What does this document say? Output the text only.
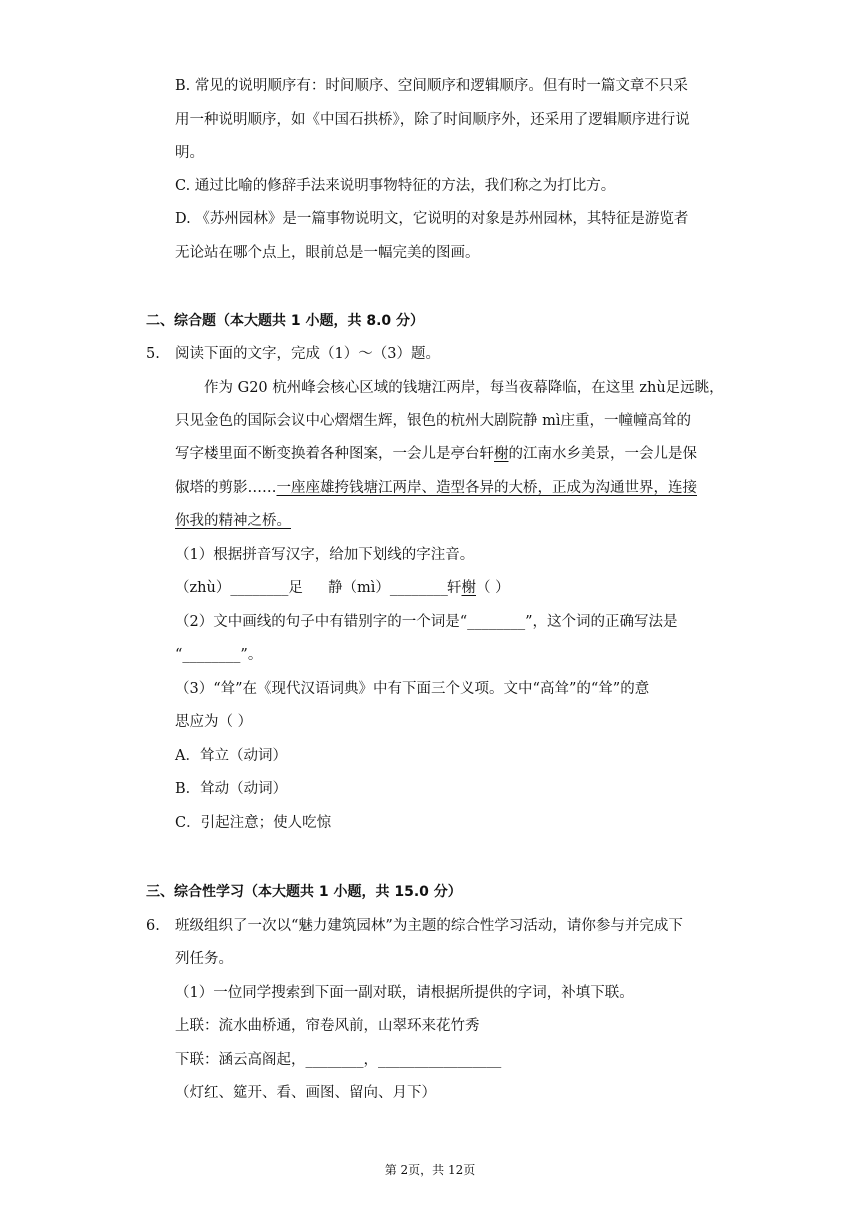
B. 常见的说明顺序有：时间顺序、空间顺序和逻辑顺序。但有时一篇文章不只采
用一种说明顺序，如《中国石拱桥》，除了时间顺序外，还采用了逻辑顺序进行说
明。
C. 通过比喻的修辞手法来说明事物特征的方法，我们称之为打比方。
D. 《苏州园林》是一篇事物说明文，它说明的对象是苏州园林，其特征是游览者
无论站在哪个点上，眼前总是一幅完美的图画。
二、综合题（本大题共 1 小题，共 8.0 分）
5. 阅读下面的文字，完成（1）～（3）题。
作为 G20 杭州峰会核心区域的钱塘江两岸，每当夜幕降临，在这里 zhù足远眺，
只见金色的国际会议中心熠熠生辉，银色的杭州大剧院静 mì庄重，一幢幢高耸的
写字楼里面不断变换着各种图案，一会儿是亭台轩榭的江南水乡美景，一会儿是保
俶塔的剪影……一座座雄挎钱塘江两岸、造型各异的大桥，正成为沟通世界，连接
你我的精神之桥。
（1）根据拼音写汉字，给加下划线的字注音。
（zhù）________足 静（mì）________ 轩榭（ ）
（2）文中画线的句子中有错别字的一个词是“________”，这个词的正确写法是
“________”。
（3）“耸”在《现代汉语词典》中有下面三个义项。文中“高耸”的“耸”的意
思应为（ ）
A．耸立（动词）
B．耸动（动词）
C．引起注意；使人吃惊
三、综合性学习（本大题共 1 小题，共 15.0 分）
6. 班级组织了一次以“魅力建筑园林”为主题的综合性学习活动，请你参与并完成下
列任务。
（1）一位同学搜索到下面一副对联，请根据所提供的字词，补填下联。
上联：流水曲桥通，帘卷风前，山翠环来花竹秀
下联：涵云高阁起，________，_________________
（灯红、筵开、看、画图、留向、月下）
第 2页，共 12页
